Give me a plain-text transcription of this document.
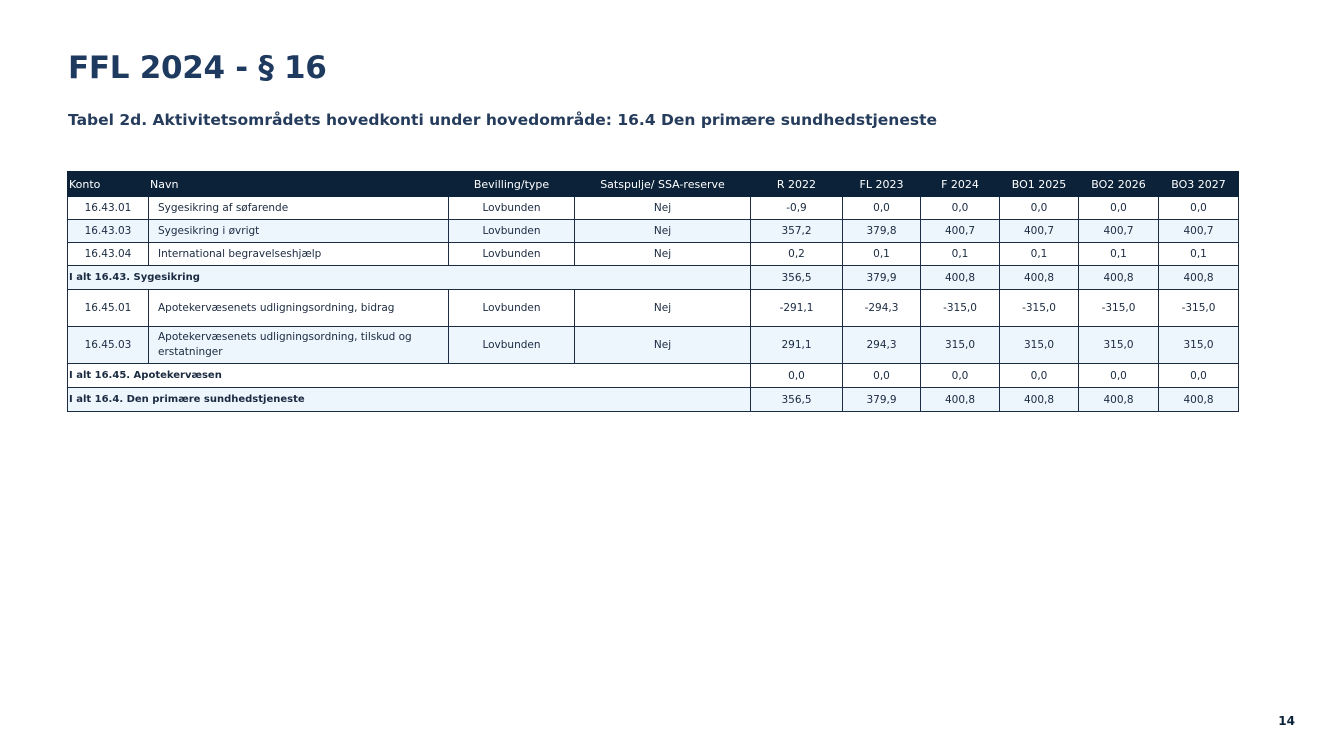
FFL 2024 - § 16
Tabel 2d. Aktivitetsområdets hovedkonti under hovedområde: 16.4 Den primære sundhedstjeneste
Konto	Navn	Bevilling/type	Satspulje/ SSA-reserve	R 2022	FL 2023	F 2024	BO1 2025	BO2 2026	BO3 2027
16.43.01	Sygesikring af søfarende	Lovbunden	Nej	-0,9	0,0	0,0	0,0	0,0	0,0
16.43.03	Sygesikring i øvrigt	Lovbunden	Nej	357,2	379,8	400,7	400,7	400,7	400,7
16.43.04	International begravelseshjælp	Lovbunden	Nej	0,2	0,1	0,1	0,1	0,1	0,1
I alt 16.43. Sygesikring				356,5	379,9	400,8	400,8	400,8	400,8
16.45.01	Apotekervæsenets udligningsordning, bidrag	Lovbunden	Nej	-291,1	-294,3	-315,0	-315,0	-315,0	-315,0
16.45.03	Apotekervæsenets udligningsordning, tilskud og erstatninger	Lovbunden	Nej	291,1	294,3	315,0	315,0	315,0	315,0
I alt 16.45. Apotekervæsen				0,0	0,0	0,0	0,0	0,0	0,0
I alt 16.4. Den primære sundhedstjeneste				356,5	379,9	400,8	400,8	400,8	400,8
14
